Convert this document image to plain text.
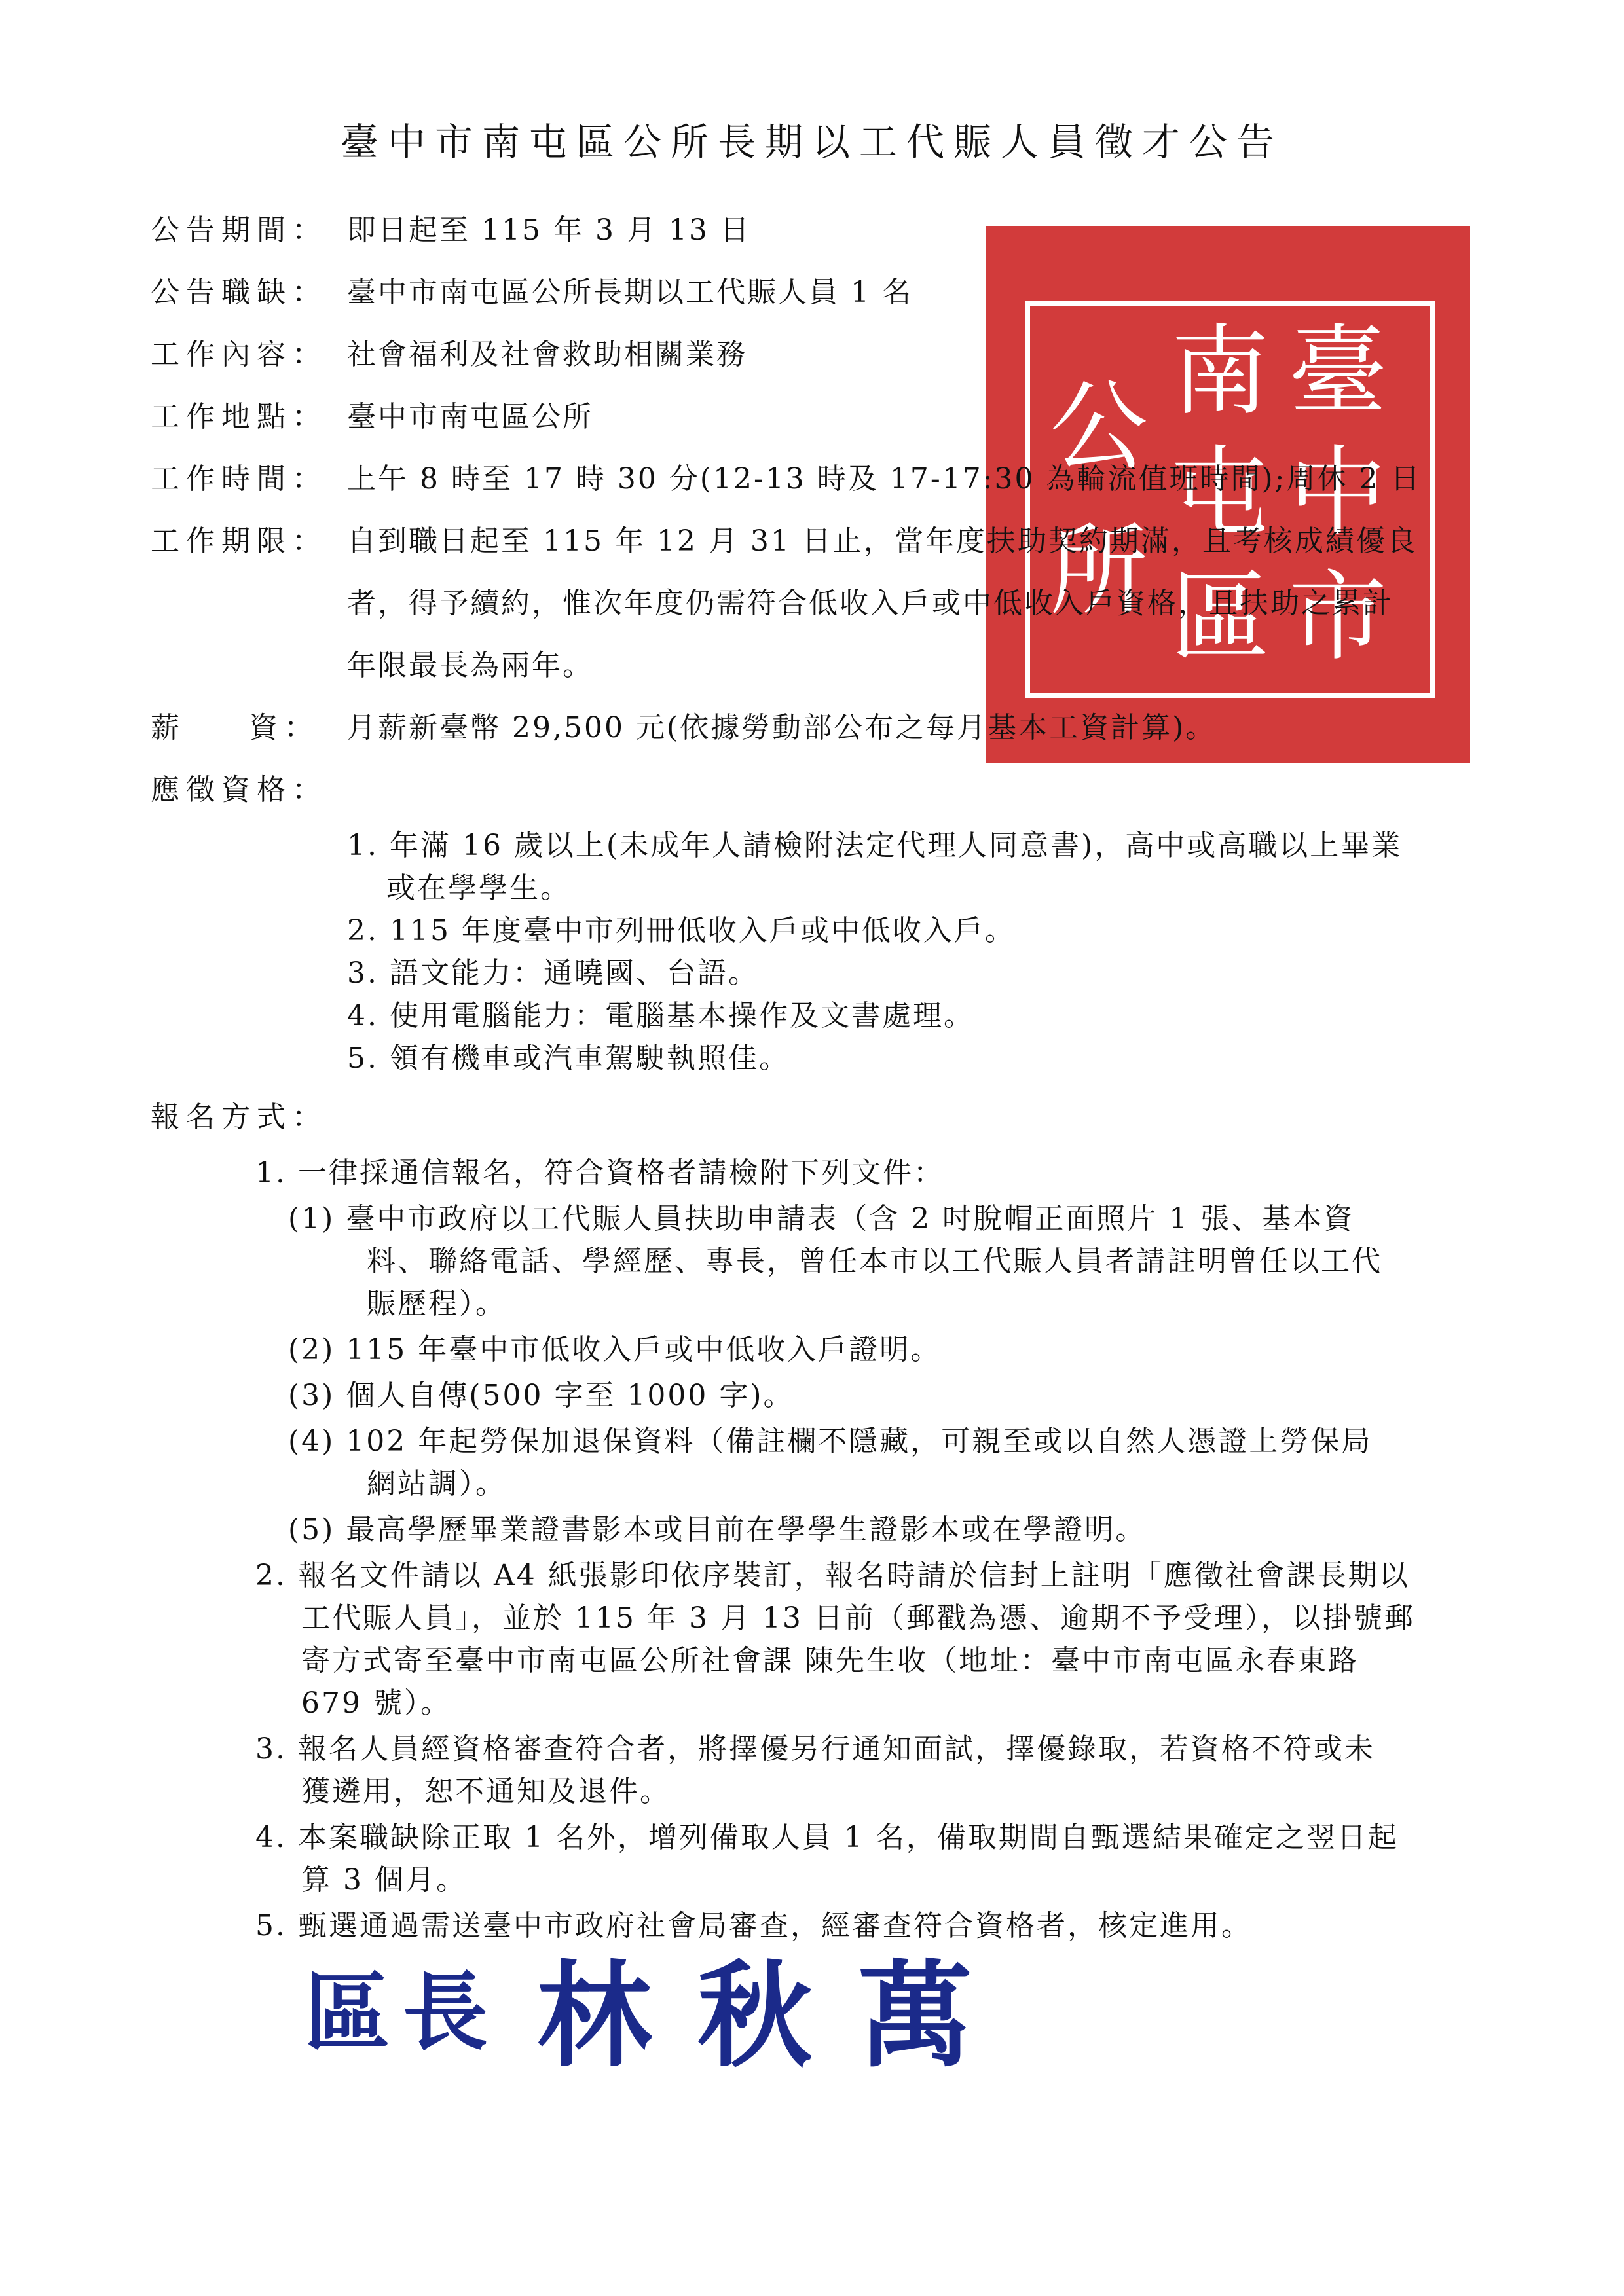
臺中市南屯區公所長期以工代賑人員徵才公告
臺
中
市
南
屯
區
公
所
公告期間： 即日起至 115 年 3 月 13 日
公告職缺： 臺中市南屯區公所長期以工代賑人員 1 名
工作內容： 社會福利及社會救助相關業務
工作地點： 臺中市南屯區公所
工作時間： 上午 8 時至 17 時 30 分(12-13 時及 17-17:30 為輪流值班時間);周休 2 日
工作期限： 自到職日起至 115 年 12 月 31 日止，當年度扶助契約期滿，且考核成績優良
者，得予續約，惟次年度仍需符合低收入戶或中低收入戶資格，且扶助之累計
年限最長為兩年。
薪    資： 月薪新臺幣 29,500 元(依據勞動部公布之每月基本工資計算)。
應徵資格：
1. 年滿 16 歲以上(未成年人請檢附法定代理人同意書)，高中或高職以上畢業
或在學學生。
2. 115 年度臺中市列冊低收入戶或中低收入戶。
3. 語文能力：通曉國、台語。
4. 使用電腦能力：電腦基本操作及文書處理。
5. 領有機車或汽車駕駛執照佳。
報名方式：
1. 一律採通信報名，符合資格者請檢附下列文件：
(1) 臺中市政府以工代賑人員扶助申請表（含 2 吋脫帽正面照片 1 張、基本資
料、聯絡電話、學經歷、專長，曾任本市以工代賑人員者請註明曾任以工代
賑歷程）。
(2) 115 年臺中市低收入戶或中低收入戶證明。
(3) 個人自傳(500 字至 1000 字)。
(4) 102 年起勞保加退保資料（備註欄不隱藏，可親至或以自然人憑證上勞保局
網站調）。
(5) 最高學歷畢業證書影本或目前在學學生證影本或在學證明。
2. 報名文件請以 A4 紙張影印依序裝訂，報名時請於信封上註明「應徵社會課長期以
工代賑人員」，並於 115 年 3 月 13 日前（郵戳為憑、逾期不予受理），以掛號郵
寄方式寄至臺中市南屯區公所社會課 陳先生收（地址：臺中市南屯區永春東路
679 號）。
3. 報名人員經資格審查符合者，將擇優另行通知面試，擇優錄取，若資格不符或未
獲遴用，恕不通知及退件。
4. 本案職缺除正取 1 名外，增列備取人員 1 名，備取期間自甄選結果確定之翌日起
算 3 個月。
5. 甄選通過需送臺中市政府社會局審查，經審查符合資格者，核定進用。
區長 林秋萬
